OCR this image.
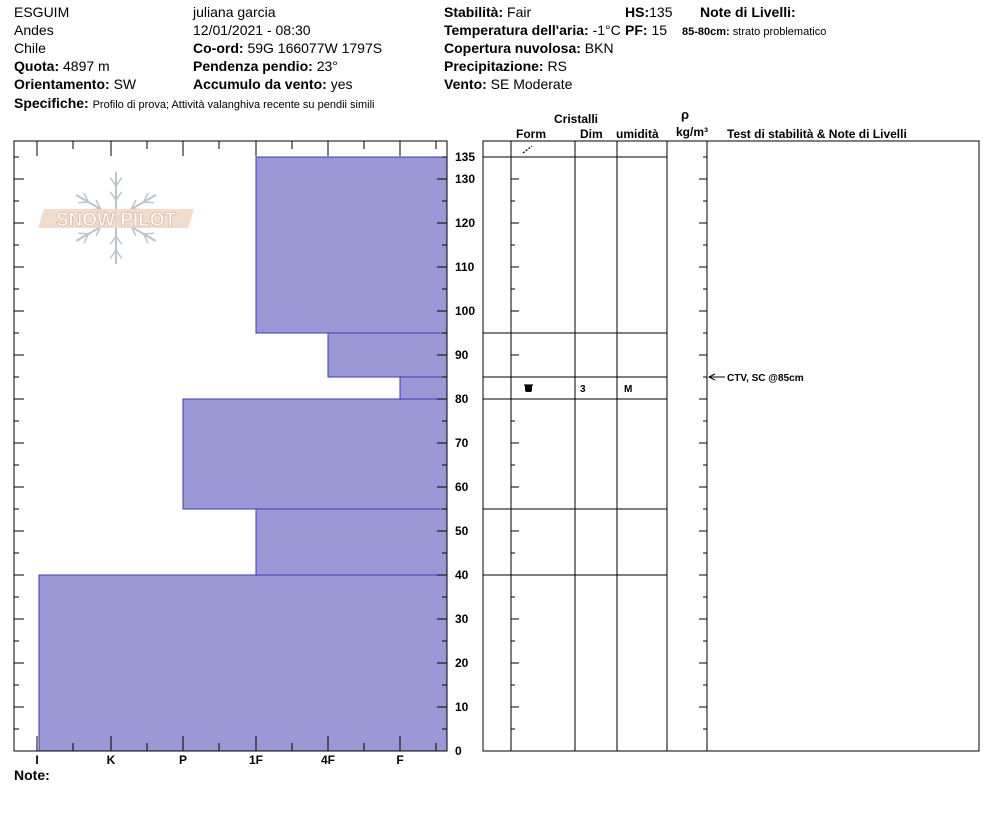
ESGUIM
Andes
Chile
Quota: 4897 m
Orientamento: SW
Specifiche: Profilo di prova; Attività valanghiva recente su pendii simili
juliana garcia
12/01/2021 - 08:30
Co-ord: 59G 166077W 1797S
Pendenza pendio: 23°
Accumulo da vento: yes
Stabilità: Fair
Temperatura dell'aria: -1°C
Copertura nuvolosa: BKN
Precipitazione: RS
Vento: SE Moderate
HS:135
PF: 15
Note di Livelli:
85-80cm: strato problematico
Cristalli
Form	Dim umidità
ρ
kg/m³ Test di stabilità & Note di Livelli
Note:
SNOW PILOT
I	K	P	1F	4F	F
0
10
20
30
40
50
60
70
80
90
100
110
120
130
135
3	M
CTV, SC @85cm
